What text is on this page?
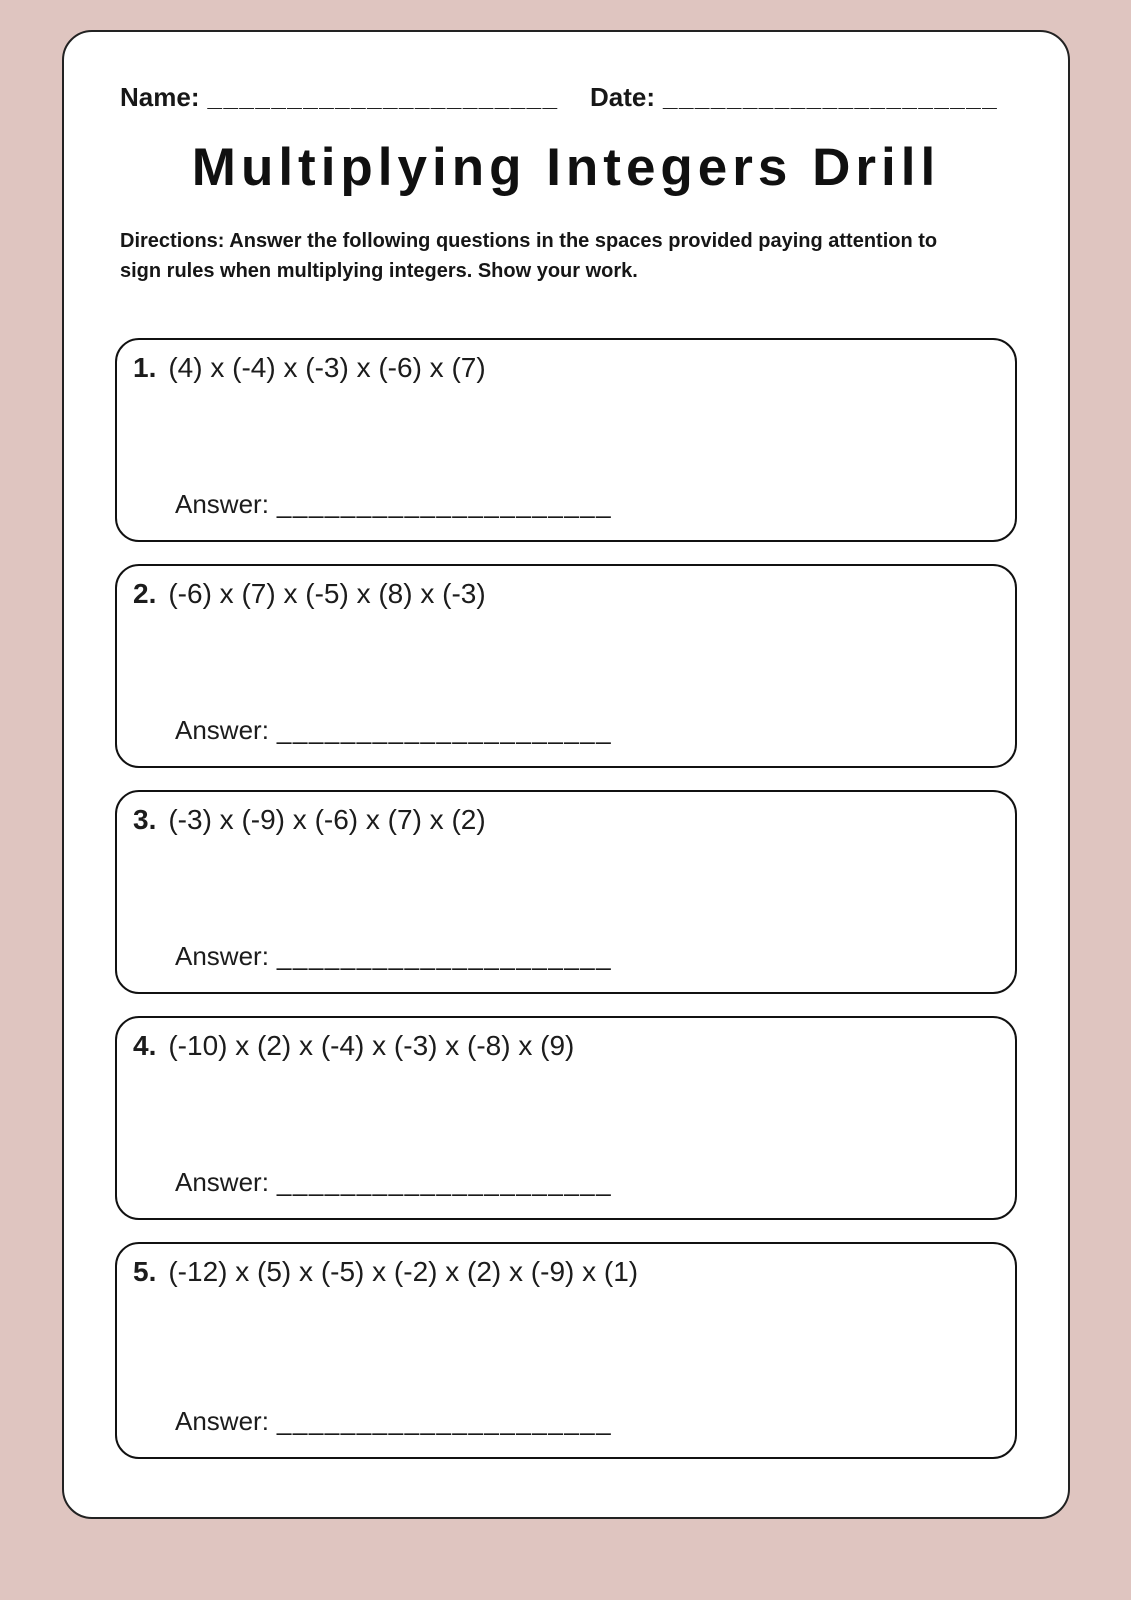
Name: ______________________ Date: _____________________
Multiplying Integers Drill

Directions: Answer the following questions in the spaces provided paying attention to sign rules when multiplying integers. Show your work.

1. (4) x (-4) x (-3) x (-6) x (7)
Answer: _____________________
2. (-6) x (7) x (-5) x (8) x (-3)
Answer: _____________________
3. (-3) x (-9) x (-6) x (7) x (2)
Answer: _____________________
4. (-10) x (2) x (-4) x (-3) x (-8) x (9)
Answer: _____________________
5. (-12) x (5) x (-5) x (-2) x (2) x (-9) x (1)
Answer: _____________________
